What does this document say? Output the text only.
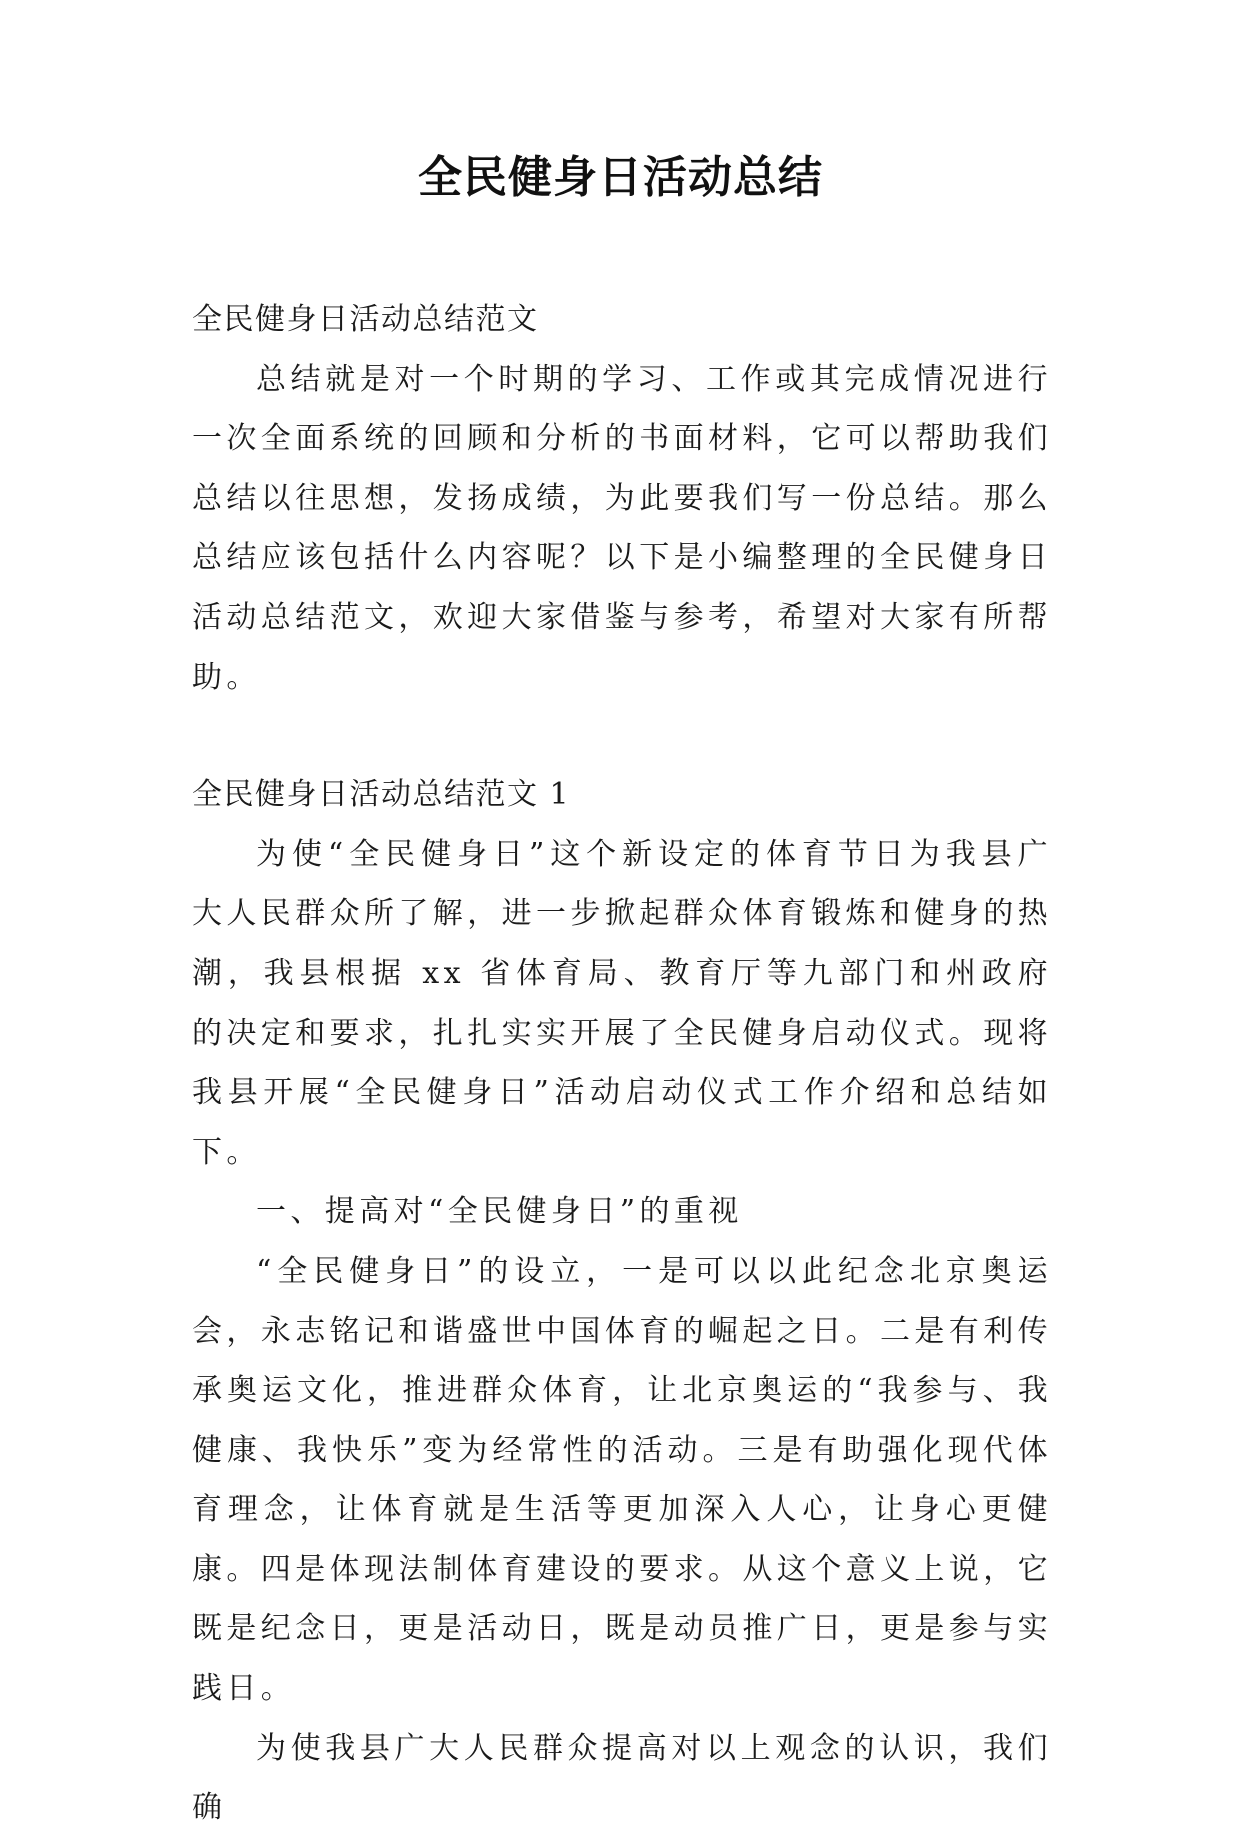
全民健身日活动总结

全民健身日活动总结范文

总结就是对一个时期的学习、工作或其完成情况进行一次全面系统的回顾和分析的书面材料，它可以帮助我们总结以往思想，发扬成绩，为此要我们写一份总结。那么总结应该包括什么内容呢？以下是小编整理的全民健身日活动总结范文，欢迎大家借鉴与参考，希望对大家有所帮助。

全民健身日活动总结范文 1

为使“全民健身日”这个新设定的体育节日为我县广大人民群众所了解，进一步掀起群众体育锻炼和健身的热潮，我县根据 xx 省体育局、教育厅等九部门和州政府的决定和要求，扎扎实实开展了全民健身启动仪式。现将我县开展“全民健身日”活动启动仪式工作介绍和总结如下。

一、提高对“全民健身日”的重视

“全民健身日”的设立，一是可以以此纪念北京奥运会，永志铭记和谐盛世中国体育的崛起之日。二是有利传承奥运文化，推进群众体育，让北京奥运的“我参与、我健康、我快乐”变为经常性的活动。三是有助强化现代体育理念，让体育就是生活等更加深入人心，让身心更健康。四是体现法制体育建设的要求。从这个意义上说，它既是纪念日，更是活动日，既是动员推广日，更是参与实践日。

为使我县广大人民群众提高对以上观念的认识，我们确
